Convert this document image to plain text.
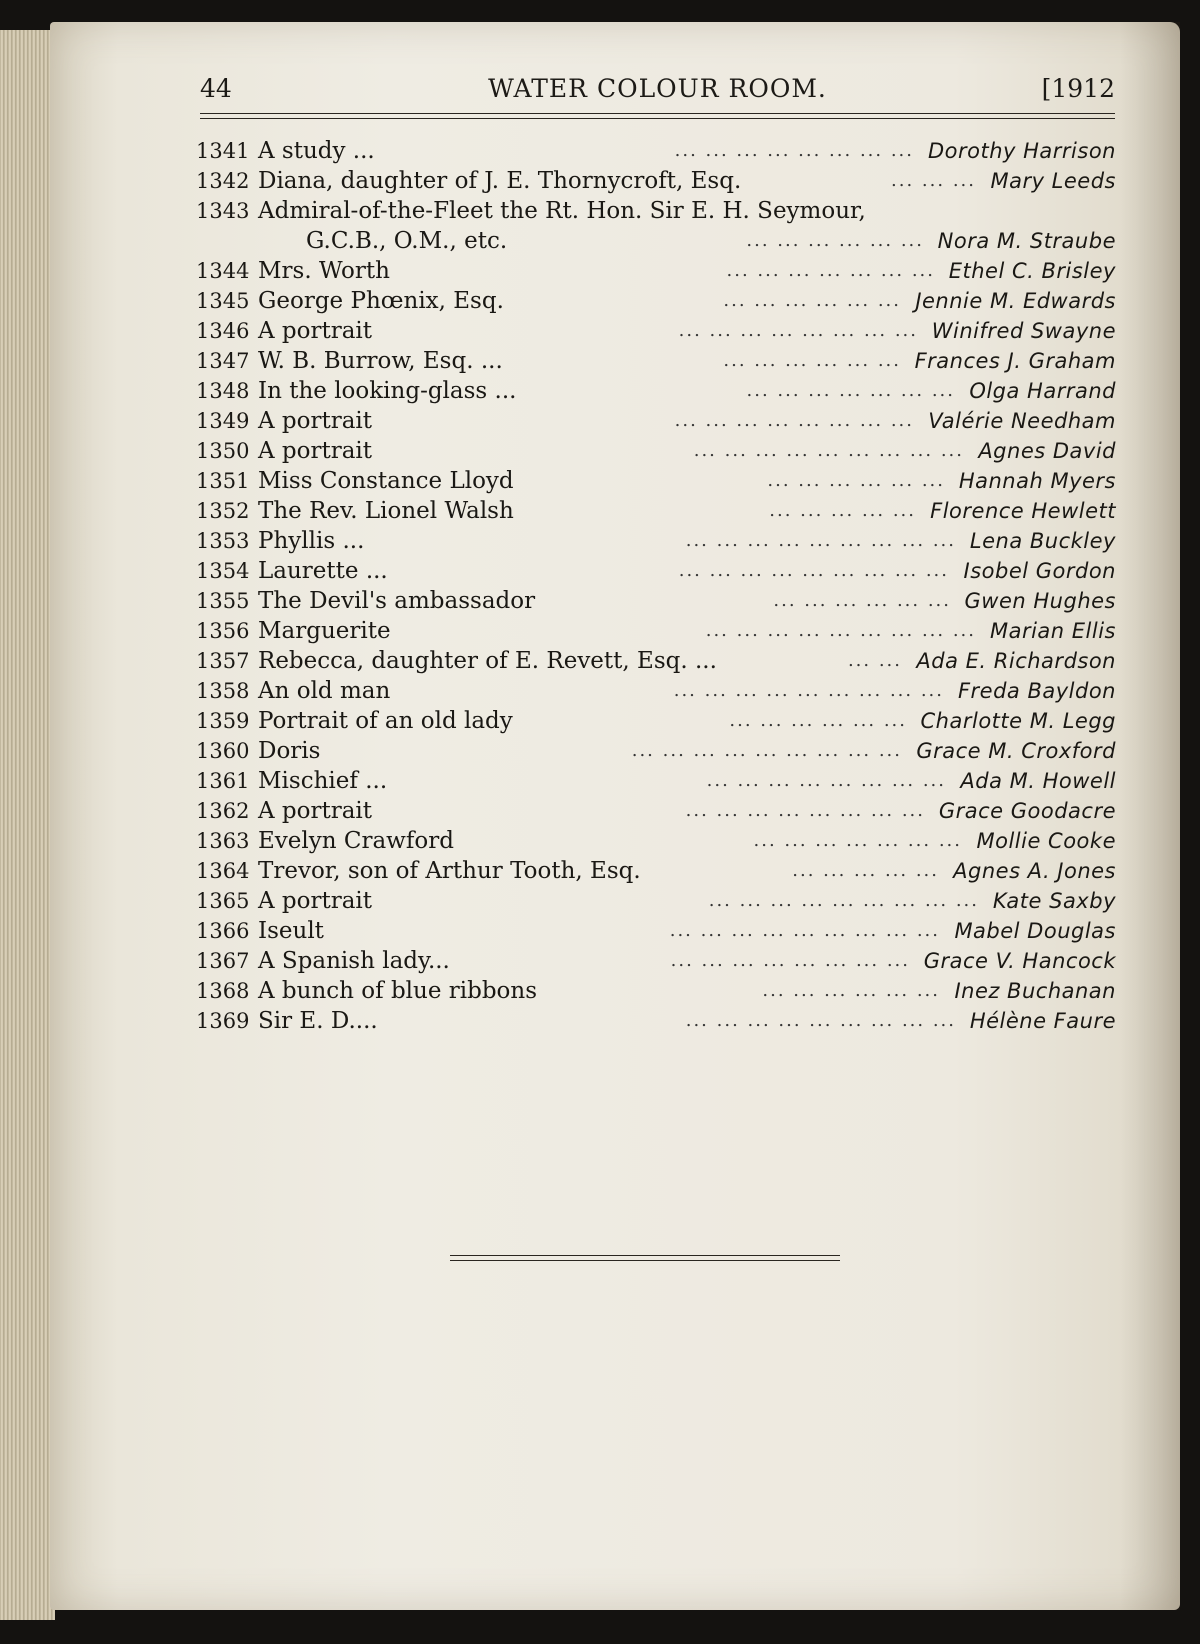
44	WATER COLOUR ROOM.	[1912
1341 A study ...	... ... ... ... ... ... ... ... Dorothy Harrison
1342 Diana, daughter of J. E. Thornycroft, Esq.	... ... ... Mary Leeds
1343 Admiral-of-the-Fleet the Rt. Hon. Sir E. H. Seymour,
G.C.B., O.M., etc.	... ... ... ... ... ... Nora M. Straube
1344 Mrs. Worth	... ... ... ... ... ... ... Ethel C. Brisley
1345 George Phœnix, Esq.	... ... ... ... ... ... Jennie M. Edwards
1346 A portrait	... ... ... ... ... ... ... ... Winifred Swayne
1347 W. B. Burrow, Esq. ...	... ... ... ... ... ... Frances J. Graham
1348 In the looking-glass ...	... ... ... ... ... ... ... Olga Harrand
1349 A portrait	... ... ... ... ... ... ... ... Valérie Needham
1350 A portrait	... ... ... ... ... ... ... ... ... Agnes David
1351 Miss Constance Lloyd	... ... ... ... ... ... Hannah Myers
1352 The Rev. Lionel Walsh	... ... ... ... ... Florence Hewlett
1353 Phyllis ...	... ... ... ... ... ... ... ... ... Lena Buckley
1354 Laurette ...	... ... ... ... ... ... ... ... ... Isobel Gordon
1355 The Devil's ambassador	... ... ... ... ... ... Gwen Hughes
1356 Marguerite	... ... ... ... ... ... ... ... ... Marian Ellis
1357 Rebecca, daughter of E. Revett, Esq. ...	... ... Ada E. Richardson
1358 An old man	... ... ... ... ... ... ... ... ... Freda Bayldon
1359 Portrait of an old lady	... ... ... ... ... ... Charlotte M. Legg
1360 Doris	... ... ... ... ... ... ... ... ... Grace M. Croxford
1361 Mischief ...	... ... ... ... ... ... ... ... Ada M. Howell
1362 A portrait	... ... ... ... ... ... ... ... Grace Goodacre
1363 Evelyn Crawford	... ... ... ... ... ... ... Mollie Cooke
1364 Trevor, son of Arthur Tooth, Esq.	... ... ... ... ... Agnes A. Jones
1365 A portrait	... ... ... ... ... ... ... ... ... Kate Saxby
1366 Iseult	... ... ... ... ... ... ... ... ... Mabel Douglas
1367 A Spanish lady...	... ... ... ... ... ... ... ... Grace V. Hancock
1368 A bunch of blue ribbons	... ... ... ... ... ... Inez Buchanan
1369 Sir E. D....	... ... ... ... ... ... ... ... ... Hélène Faure
